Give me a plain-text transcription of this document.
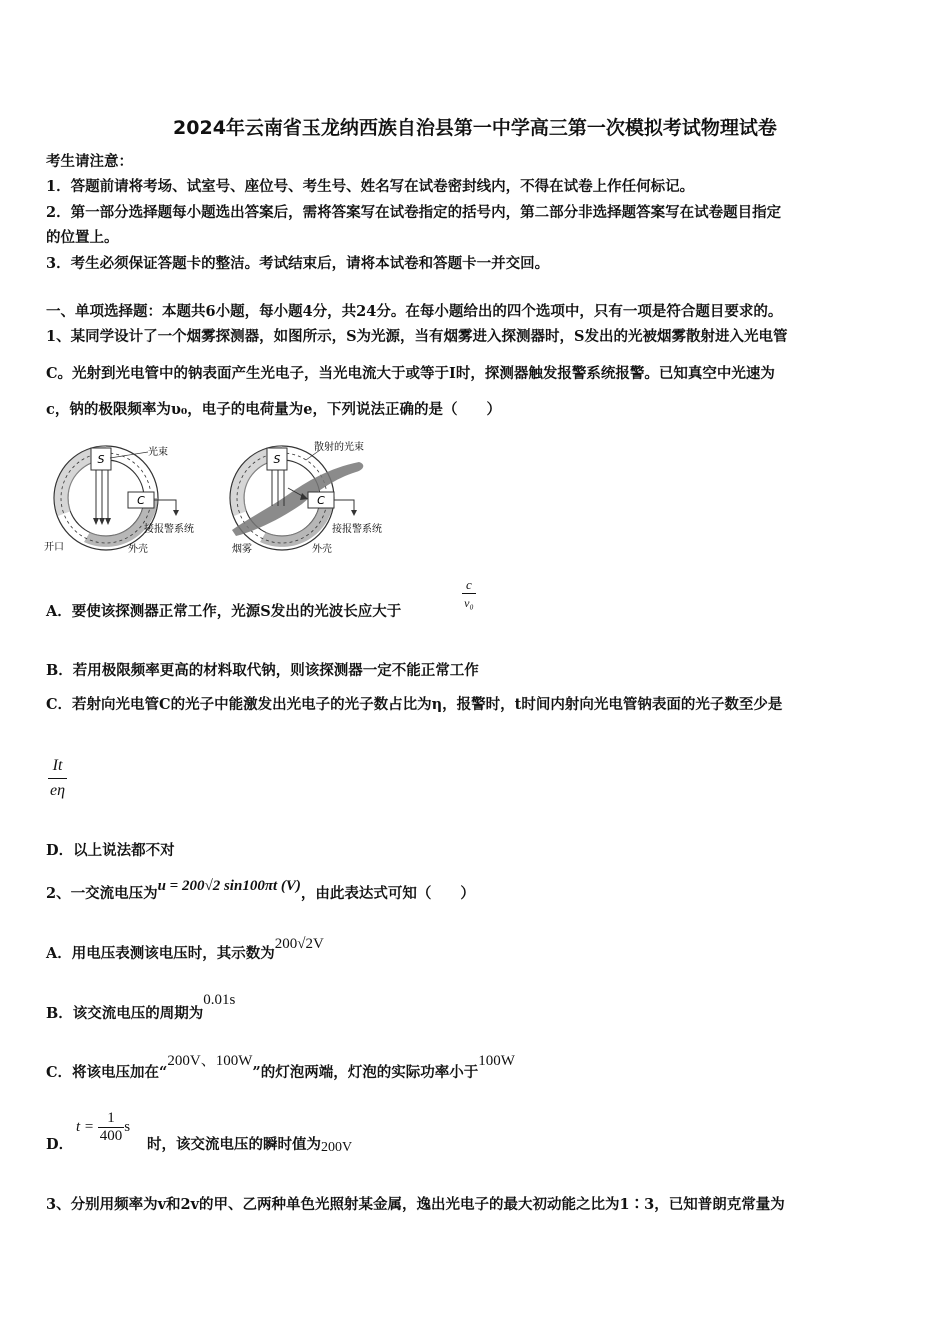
2024年云南省玉龙纳西族自治县第一中学高三第一次模拟考试物理试卷
考生请注意：
1．答题前请将考场、试室号、座位号、考生号、姓名写在试卷密封线内，不得在试卷上作任何标记。
2．第一部分选择题每小题选出答案后，需将答案写在试卷指定的括号内，第二部分非选择题答案写在试卷题目指定
的位置上。
3．考生必须保证答题卡的整洁。考试结束后，请将本试卷和答题卡一并交回。
一、单项选择题：本题共6小题，每小题4分，共24分。在每小题给出的四个选项中，只有一项是符合题目要求的。
1、某同学设计了一个烟雾探测器，如图所示，S为光源，当有烟雾进入探测器时，S发出的光被烟雾散射进入光电管
C。光射到光电管中的钠表面产生光电子，当光电流大于或等于I时，探测器触发报警系统报警。已知真空中光速为
c，钠的极限频率为υ₀，电子的电荷量为e，下列说法正确的是（　　）
S
C
光束
接报警系统
开口	外壳
S
C
散射的光束
接报警系统
烟雾	外壳
A．要使该探测器正常工作，光源S发出的光波长应大于
$\frac{c}{\text{v₀}}$
B．若用极限频率更高的材料取代钠，则该探测器一定不能正常工作
C．若射向光电管C的光子中能激发出光电子的光子数占比为η，报警时，t时间内射向光电管钠表面的光子数至少是
$\frac{It}{e\eta}$
D．以上说法都不对
2、一交流电压为u = 200√2 sin100πt (V)，由此表达式可知（　　）
A．用电压表测该电压时，其示数为200√2V
B．该交流电压的周期为0.01s
C．将该电压加在“200V、100W”的灯泡两端，灯泡的实际功率小于100W
D．
$t = \frac{1}{400}$ s
时，该交流电压的瞬时值为200V
3、分别用频率为v和2v的甲、乙两种单色光照射某金属，逸出光电子的最大初动能之比为1∶3，已知普朗克常量为
